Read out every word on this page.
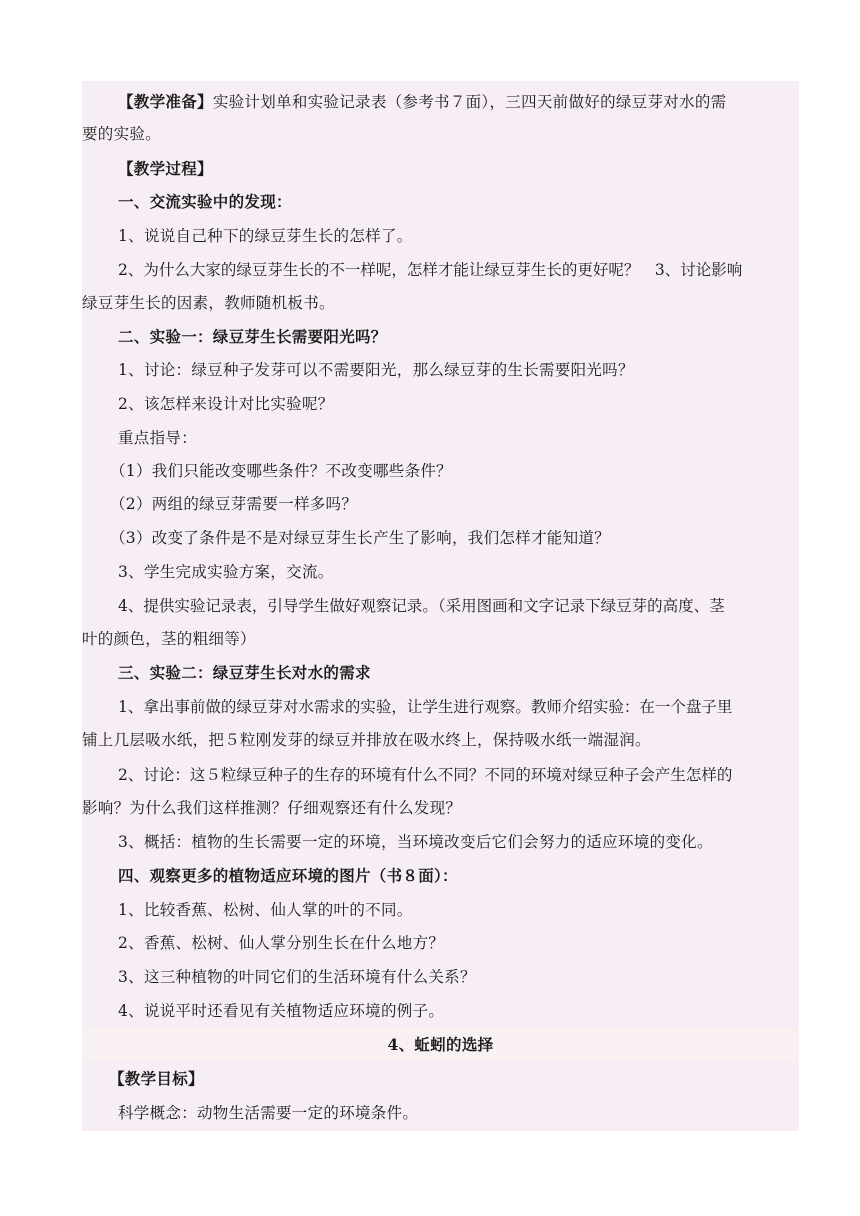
【教学准备】实验计划单和实验记录表（参考书７面），三四天前做好的绿豆芽对水的需
要的实验。
【教学过程】
一、交流实验中的发现：
1、说说自己种下的绿豆芽生长的怎样了。
2、为什么大家的绿豆芽生长的不一样呢，怎样才能让绿豆芽生长的更好呢？　3、讨论影响
绿豆芽生长的因素，教师随机板书。
二、实验一：绿豆芽生长需要阳光吗？
1、讨论：绿豆种子发芽可以不需要阳光，那么绿豆芽的生长需要阳光吗？
2、该怎样来设计对比实验呢？
重点指导：
（1）我们只能改变哪些条件？不改变哪些条件？
（2）两组的绿豆芽需要一样多吗？
（3）改变了条件是不是对绿豆芽生长产生了影响，我们怎样才能知道？
3、学生完成实验方案，交流。
4、提供实验记录表，引导学生做好观察记录。（采用图画和文字记录下绿豆芽的高度、茎
叶的颜色，茎的粗细等）
三、实验二：绿豆芽生长对水的需求
1、拿出事前做的绿豆芽对水需求的实验，让学生进行观察。教师介绍实验：在一个盘子里
铺上几层吸水纸，把５粒刚发芽的绿豆并排放在吸水终上，保持吸水纸一端湿润。
2、讨论：这５粒绿豆种子的生存的环境有什么不同？不同的环境对绿豆种子会产生怎样的
影响？为什么我们这样推测？仔细观察还有什么发现？
3、概括：植物的生长需要一定的环境，当环境改变后它们会努力的适应环境的变化。
四、观察更多的植物适应环境的图片（书８面）：
1、比较香蕉、松树、仙人掌的叶的不同。
2、香蕉、松树、仙人掌分别生长在什么地方？
3、这三种植物的叶同它们的生活环境有什么关系？
4、说说平时还看见有关植物适应环境的例子。
4、蚯蚓的选择
【教学目标】
科学概念：动物生活需要一定的环境条件。
